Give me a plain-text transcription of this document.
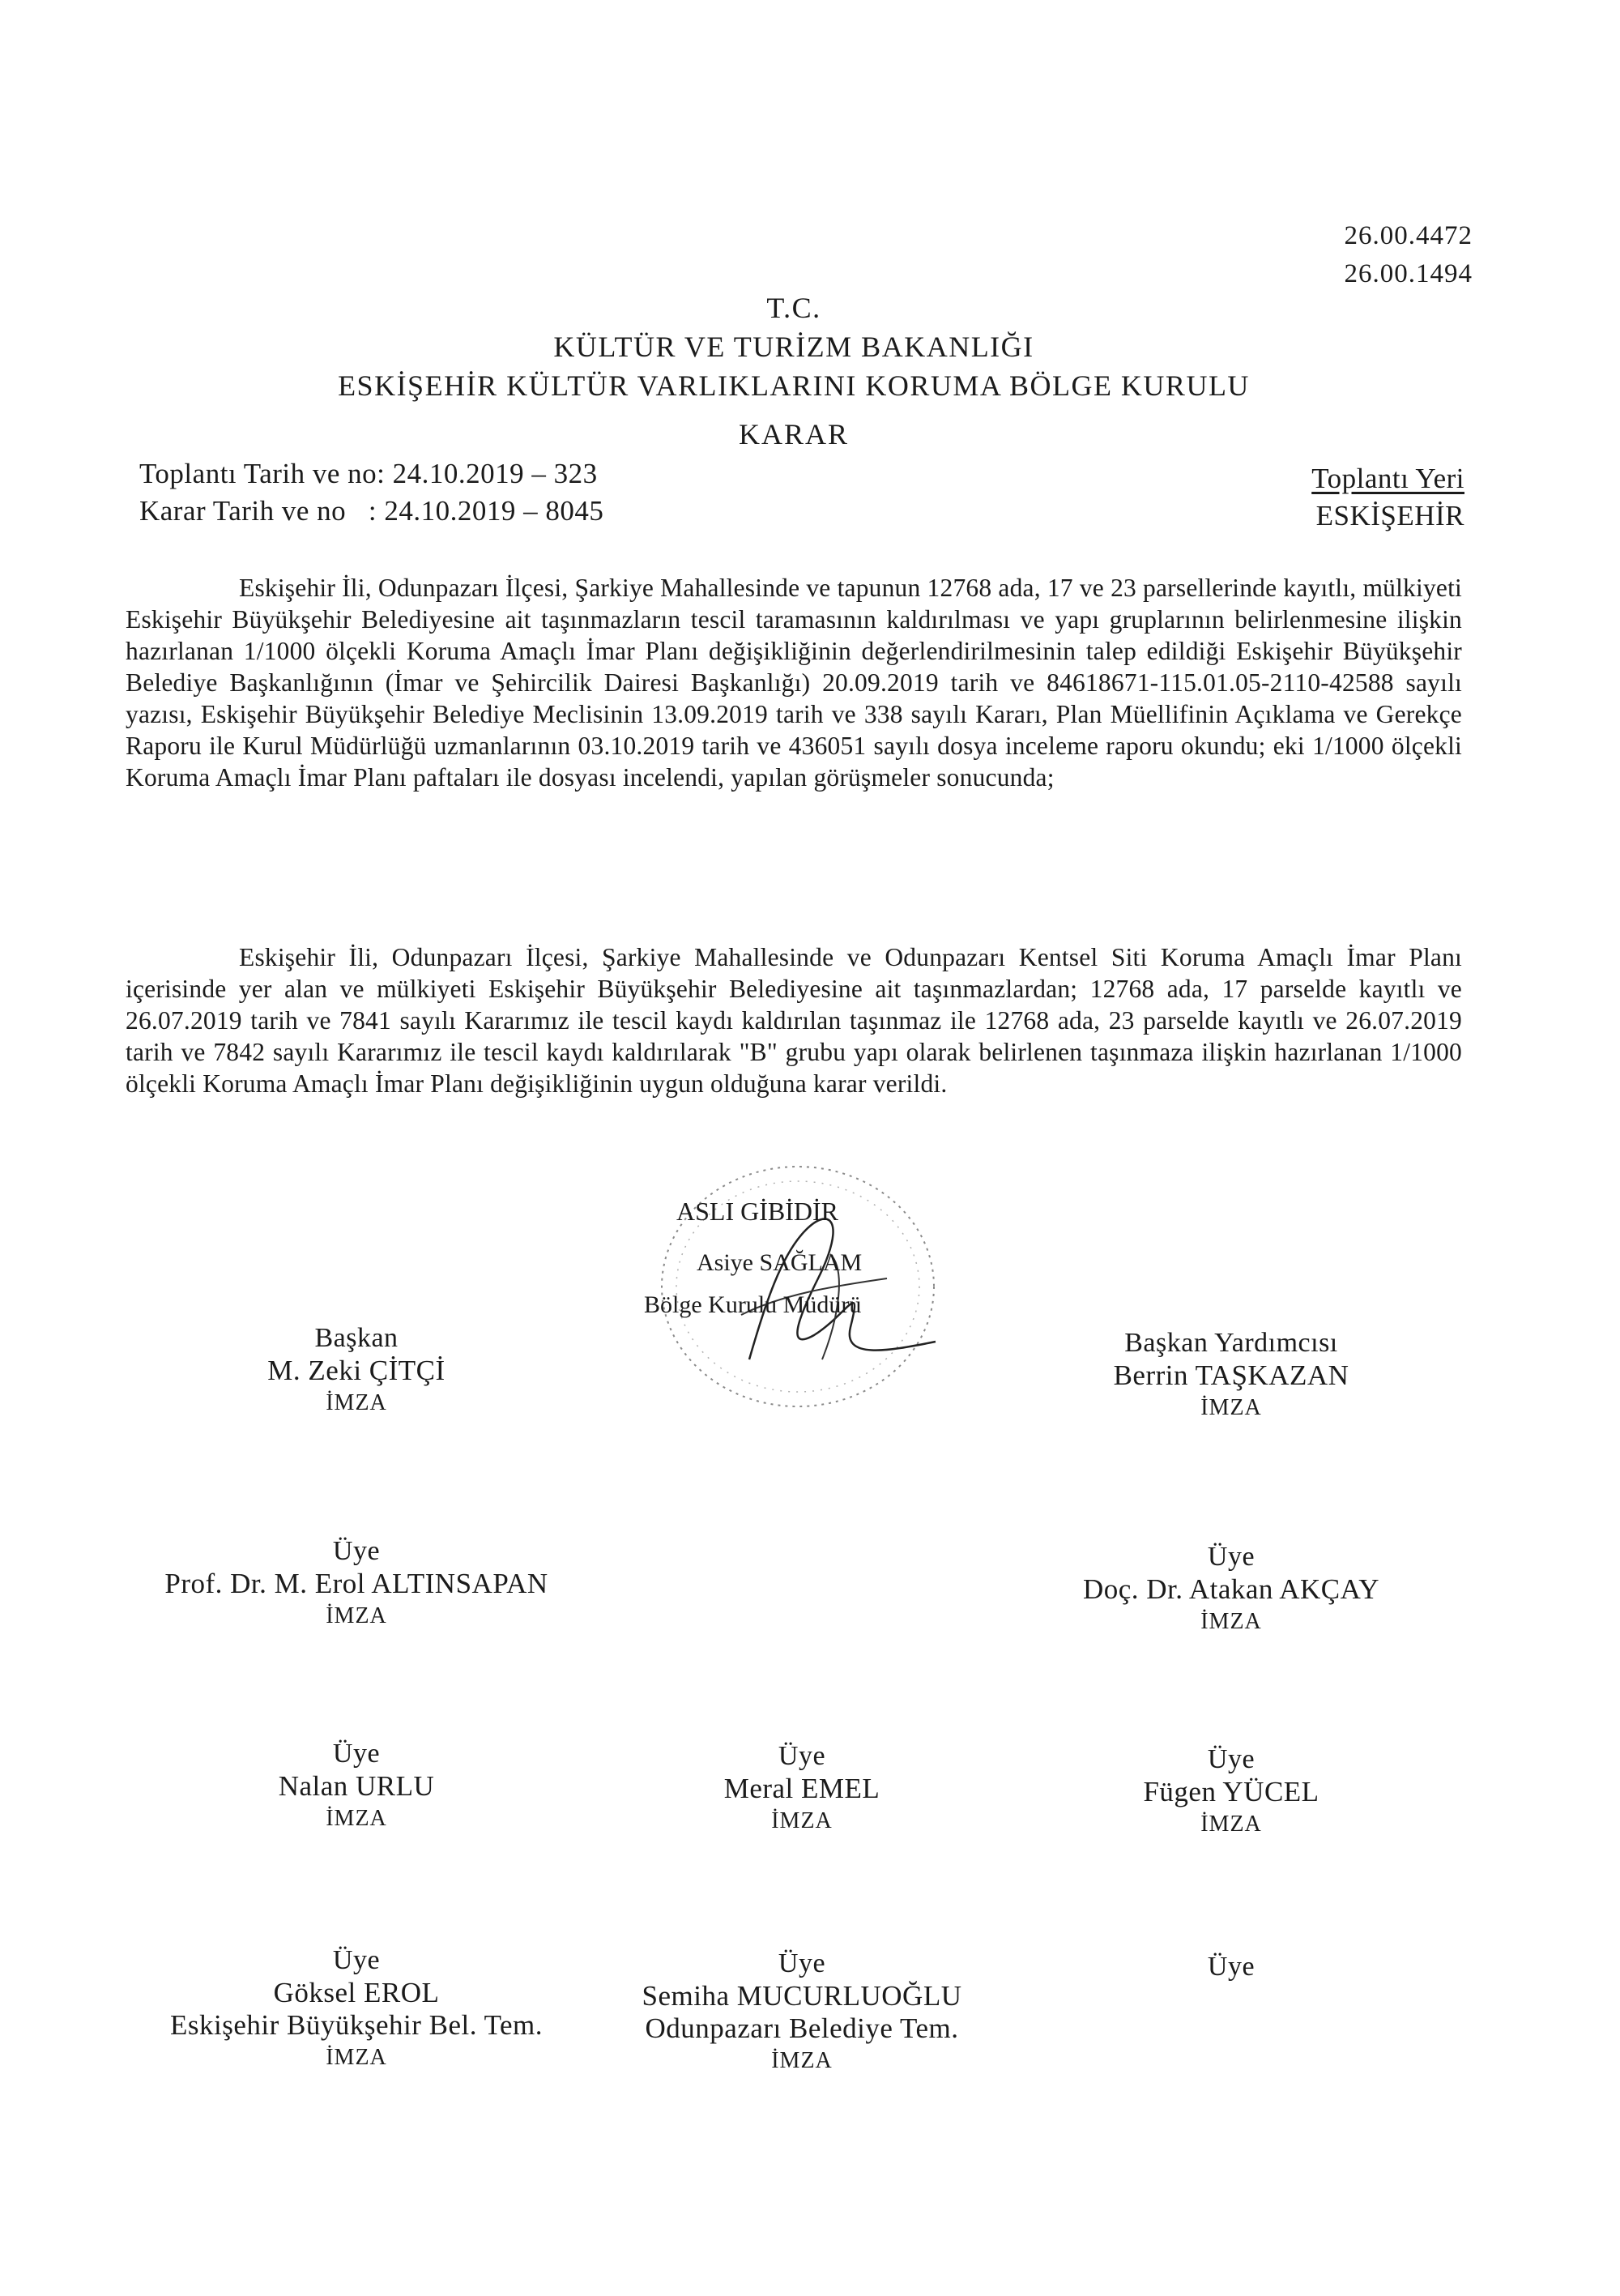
26.00.4472
26.00.1494
T.C.
KÜLTÜR VE TURİZM BAKANLIĞI
ESKİŞEHİR KÜLTÜR VARLIKLARINI KORUMA BÖLGE KURULU
KARAR
Toplantı Tarih ve no: 24.10.2019 – 323
Karar Tarih ve no : 24.10.2019 – 8045
Toplantı Yeri
ESKİŞEHİR
Eskişehir İli, Odunpazarı İlçesi, Şarkiye Mahallesinde ve tapunun 12768 ada, 17 ve 23 parsellerinde kayıtlı, mülkiyeti Eskişehir Büyükşehir Belediyesine ait taşınmazların tescil taramasının kaldırılması ve yapı gruplarının belirlenmesine ilişkin hazırlanan 1/1000 ölçekli Koruma Amaçlı İmar Planı değişikliğinin değerlendirilmesinin talep edildiği Eskişehir Büyükşehir Belediye Başkanlığının (İmar ve Şehircilik Dairesi Başkanlığı) 20.09.2019 tarih ve 84618671-115.01.05-2110-42588 sayılı yazısı, Eskişehir Büyükşehir Belediye Meclisinin 13.09.2019 tarih ve 338 sayılı Kararı, Plan Müellifinin Açıklama ve Gerekçe Raporu ile Kurul Müdürlüğü uzmanlarının 03.10.2019 tarih ve 436051 sayılı dosya inceleme raporu okundu; eki 1/1000 ölçekli Koruma Amaçlı İmar Planı paftaları ile dosyası incelendi, yapılan görüşmeler sonucunda;
Eskişehir İli, Odunpazarı İlçesi, Şarkiye Mahallesinde ve Odunpazarı Kentsel Siti Koruma Amaçlı İmar Planı içerisinde yer alan ve mülkiyeti Eskişehir Büyükşehir Belediyesine ait taşınmazlardan; 12768 ada, 17 parselde kayıtlı ve 26.07.2019 tarih ve 7841 sayılı Kararımız ile tescil kaydı kaldırılan taşınmaz ile 12768 ada, 23 parselde kayıtlı ve 26.07.2019 tarih ve 7842 sayılı Kararımız ile tescil kaydı kaldırılarak "B" grubu yapı olarak belirlenen taşınmaza ilişkin hazırlanan 1/1000 ölçekli Koruma Amaçlı İmar Planı değişikliğinin uygun olduğuna karar verildi.
ASLI GİBİDİR
Asiye SAĞLAM
Bölge Kurulu Müdürü
Başkan
M. Zeki ÇİTÇİ
İMZA
Başkan Yardımcısı
Berrin TAŞKAZAN
İMZA
Üye
Prof. Dr. M. Erol ALTINSAPAN
İMZA
Üye
Doç. Dr. Atakan AKÇAY
İMZA
Üye
Nalan URLU
İMZA
Üye
Meral EMEL
İMZA
Üye
Fügen YÜCEL
İMZA
Üye
Göksel EROL
Eskişehir Büyükşehir Bel. Tem.
İMZA
Üye
Semiha MUCURLUOĞLU
Odunpazarı Belediye Tem.
İMZA
Üye
